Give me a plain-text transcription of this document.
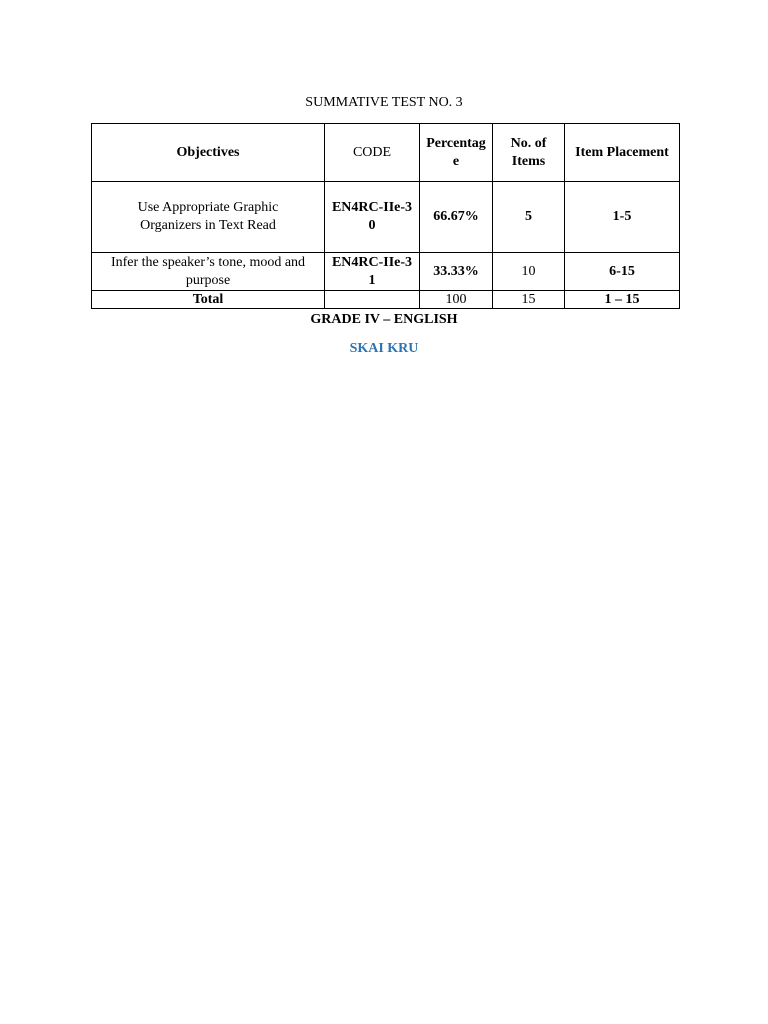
SUMMATIVE TEST NO. 3
Objectives	CODE	Percentage	No. of Items	Item Placement
Use Appropriate Graphic Organizers in Text Read	EN4RC-IIe-30	66.67%	5	1-5
Infer the speaker’s tone, mood and purpose	EN4RC-IIe-31	33.33%	10	6-15
Total		100	15	1 – 15
GRADE IV – ENGLISH
SKAI KRU
